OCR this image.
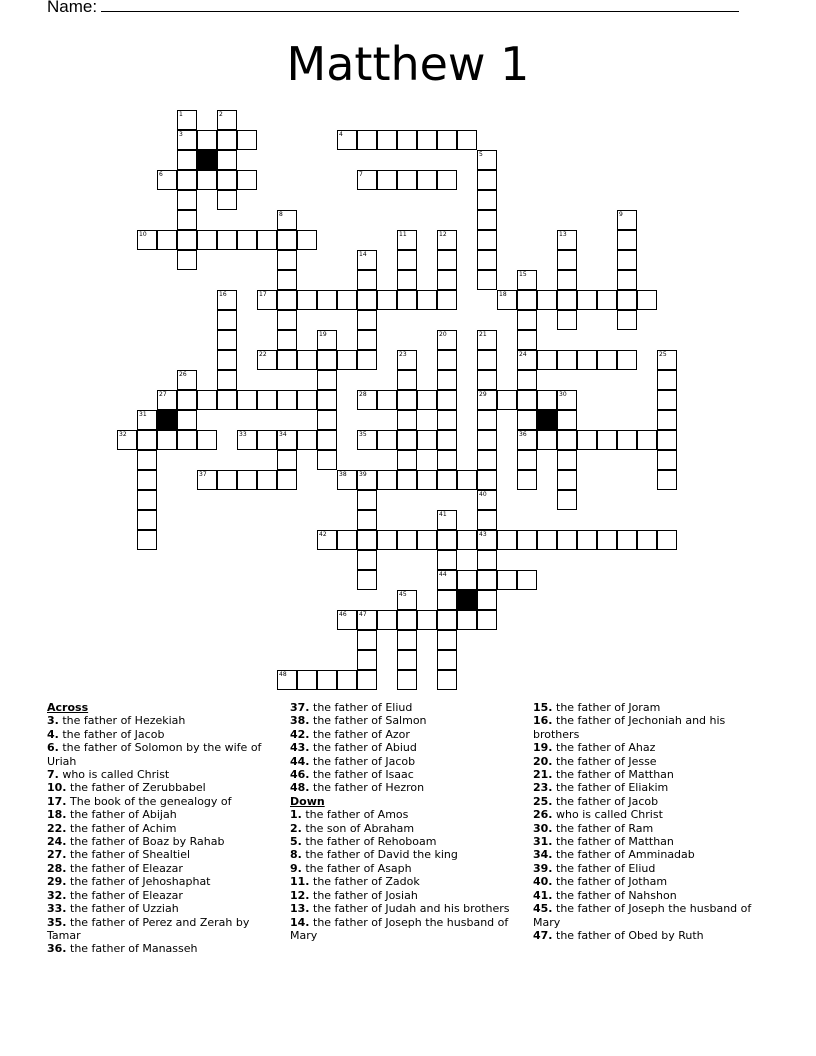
Name:
Matthew 1
3	4
6	7
10
17	18
22	24
27	28	29
32	33	34	35	36
37	38 39
42	43
44
46 47
48
1	2
5
8	9
11	12	13
14
15
16
19	20	21
23	25
26
30
31
40
41
45
Across
3. the father of Hezekiah
4. the father of Jacob
6. the father of Solomon by the wife of Uriah
7. who is called Christ
10. the father of Zerubbabel
17. The book of the genealogy of
18. the father of Abijah
22. the father of Achim
24. the father of Boaz by Rahab
27. the father of Shealtiel
28. the father of Eleazar
29. the father of Jehoshaphat
32. the father of Eleazar
33. the father of Uzziah
35. the father of Perez and Zerah by Tamar
36. the father of Manasseh
37. the father of Eliud
38. the father of Salmon
42. the father of Azor
43. the father of Abiud
44. the father of Jacob
46. the father of Isaac
48. the father of Hezron
Down
1. the father of Amos
2. the son of Abraham
5. the father of Rehoboam
8. the father of David the king
9. the father of Asaph
11. the father of Zadok
12. the father of Josiah
13. the father of Judah and his brothers
14. the father of Joseph the husband of Mary
15. the father of Joram
16. the father of Jechoniah and his brothers
19. the father of Ahaz
20. the father of Jesse
21. the father of Matthan
23. the father of Eliakim
25. the father of Jacob
26. who is called Christ
30. the father of Ram
31. the father of Matthan
34. the father of Amminadab
39. the father of Eliud
40. the father of Jotham
41. the father of Nahshon
45. the father of Joseph the husband of Mary
47. the father of Obed by Ruth
